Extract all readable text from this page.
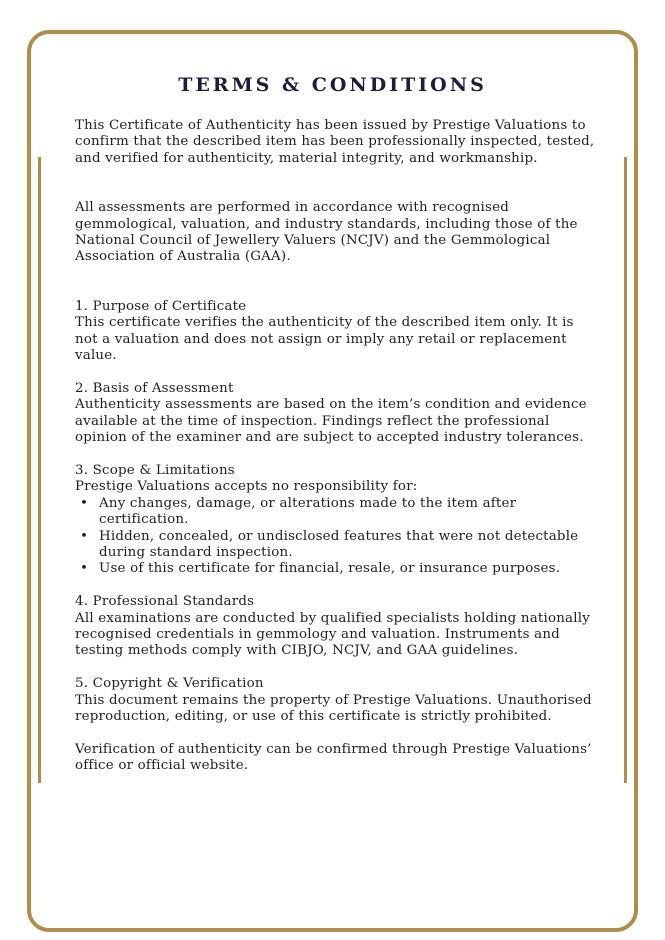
TERMS & CONDITIONS

This Certificate of Authenticity has been issued by Prestige Valuations to confirm that the described item has been professionally inspected, tested, and verified for authenticity, material integrity, and workmanship.

All assessments are performed in accordance with recognised gemmological, valuation, and industry standards, including those of the National Council of Jewellery Valuers (NCJV) and the Gemmological Association of Australia (GAA).

1. Purpose of Certificate

This certificate verifies the authenticity of the described item only. It is not a valuation and does not assign or imply any retail or replacement value.

2. Basis of Assessment

Authenticity assessments are based on the item’s condition and evidence available at the time of inspection. Findings reflect the professional opinion of the examiner and are subject to accepted industry tolerances.

3. Scope & Limitations

Prestige Valuations accepts no responsibility for:

• Any changes, damage, or alterations made to the item after certification.
• Hidden, concealed, or undisclosed features that were not detectable during standard inspection.
• Use of this certificate for financial, resale, or insurance purposes.

4. Professional Standards

All examinations are conducted by qualified specialists holding nationally recognised credentials in gemmology and valuation. Instruments and testing methods comply with CIBJO, NCJV, and GAA guidelines.

5. Copyright & Verification

This document remains the property of Prestige Valuations. Unauthorised reproduction, editing, or use of this certificate is strictly prohibited.

Verification of authenticity can be confirmed through Prestige Valuations’ office or official website.
